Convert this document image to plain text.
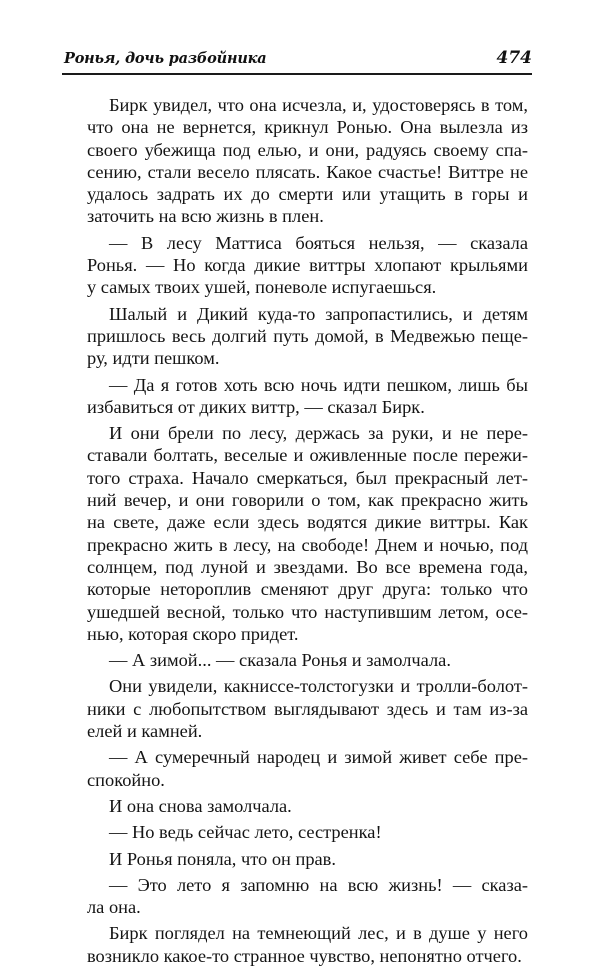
Ронья, дочь разбойника	474
Бирк увидел, что она исчезла, и, удостоверясь в том,
что она не вернется, крикнул Ронью. Она вылезла из
своего убежища под елью, и они, радуясь своему спа-
сению, стали весело плясать. Какое счастье! Виттре не
удалось задрать их до смерти или утащить в горы и
заточить на всю жизнь в плен.
— В лесу Маттиса бояться нельзя, — сказала
Ронья. — Но когда дикие виттры хлопают крыльями
у самых твоих ушей, поневоле испугаешься.
Шалый и Дикий куда-то запропастились, и детям
пришлось весь долгий путь домой, в Медвежью пеще-
ру, идти пешком.
— Да я готов хоть всю ночь идти пешком, лишь бы
избавиться от диких виттр, — сказал Бирк.
И они брели по лесу, держась за руки, и не пере-
ставали болтать, веселые и оживленные после пережи-
того страха. Начало смеркаться, был прекрасный лет-
ний вечер, и они говорили о том, как прекрасно жить
на свете, даже если здесь водятся дикие виттры. Как
прекрасно жить в лесу, на свободе! Днем и ночью, под
солнцем, под луной и звездами. Во все времена года,
которые нетороплив сменяют друг друга: только что
ушедшей весной, только что наступившим летом, осе-
нью, которая скоро придет.
— А зимой... — сказала Ронья и замолчала.
Они увидели, какниссе-толстогузки и тролли-болот-
ники с любопытством выглядывают здесь и там из-за
елей и камней.
— А сумеречный народец и зимой живет себе пре-
спокойно.
И она снова замолчала.
— Но ведь сейчас лето, сестренка!
И Ронья поняла, что он прав.
— Это лето я запомню на всю жизнь! — сказа-
ла она.
Бирк поглядел на темнеющий лес, и в душе у него
возникло какое-то странное чувство, непонятно отчего.
